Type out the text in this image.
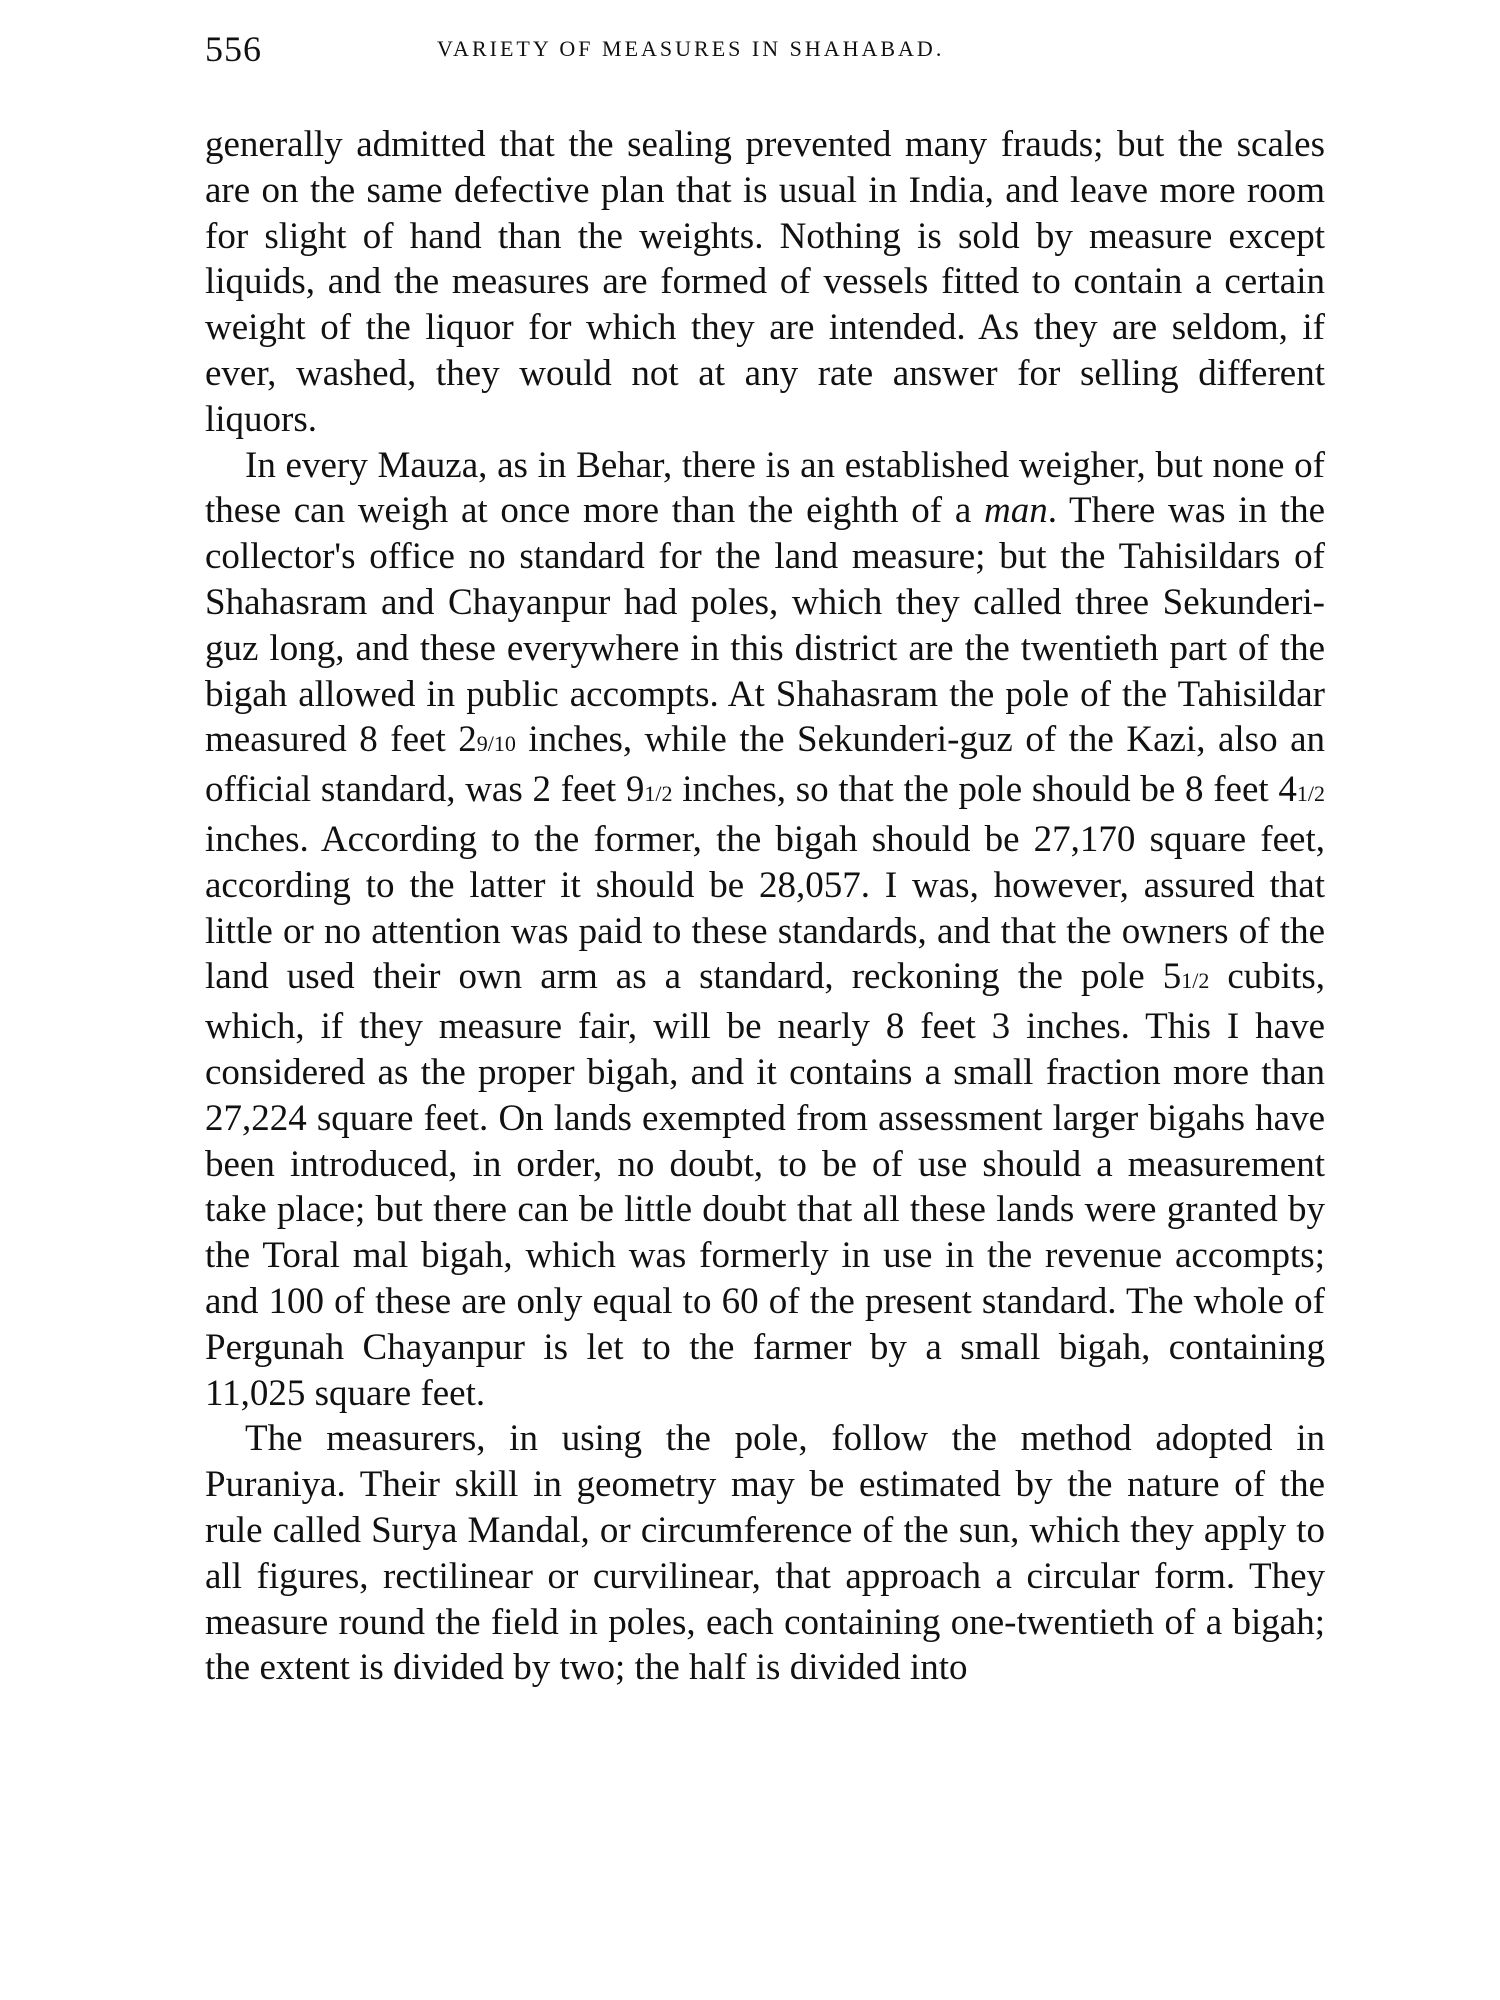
556	VARIETY OF MEASURES IN SHAHABAD.

generally admitted that the sealing prevented many frauds; but the scales are on the same defective plan that is usual in India, and leave more room for slight of hand than the weights. Nothing is sold by measure except liquids, and the measures are formed of vessels fitted to contain a certain weight of the liquor for which they are intended. As they are seldom, if ever, washed, they would not at any rate answer for selling different liquors.

In every Mauza, as in Behar, there is an established weigher, but none of these can weigh at once more than the eighth of a man. There was in the collector's office no standard for the land measure; but the Tahisildars of Shahasram and Chayanpur had poles, which they called three Sekunderi-guz long, and these everywhere in this district are the twentieth part of the bigah allowed in public accompts. At Shahasram the pole of the Tahisildar measured 8 feet 29/10 inches, while the Sekunderi-guz of the Kazi, also an official standard, was 2 feet 91/2 inches, so that the pole should be 8 feet 41/2 inches. According to the former, the bigah should be 27,170 square feet, according to the latter it should be 28,057. I was, however, assured that little or no attention was paid to these standards, and that the owners of the land used their own arm as a standard, reckoning the pole 51/2 cubits, which, if they measure fair, will be nearly 8 feet 3 inches. This I have considered as the proper bigah, and it contains a small fraction more than 27,224 square feet. On lands exempted from assessment larger bigahs have been introduced, in order, no doubt, to be of use should a measurement take place; but there can be little doubt that all these lands were granted by the Toral mal bigah, which was formerly in use in the revenue accompts; and 100 of these are only equal to 60 of the present standard. The whole of Pergunah Chayanpur is let to the farmer by a small bigah, containing 11,025 square feet.

The measurers, in using the pole, follow the method adopted in Puraniya. Their skill in geometry may be estimated by the nature of the rule called Surya Mandal, or circumference of the sun, which they apply to all figures, rectilinear or curvilinear, that approach a circular form. They measure round the field in poles, each containing one-twentieth of a bigah; the extent is divided by two; the half is divided into
